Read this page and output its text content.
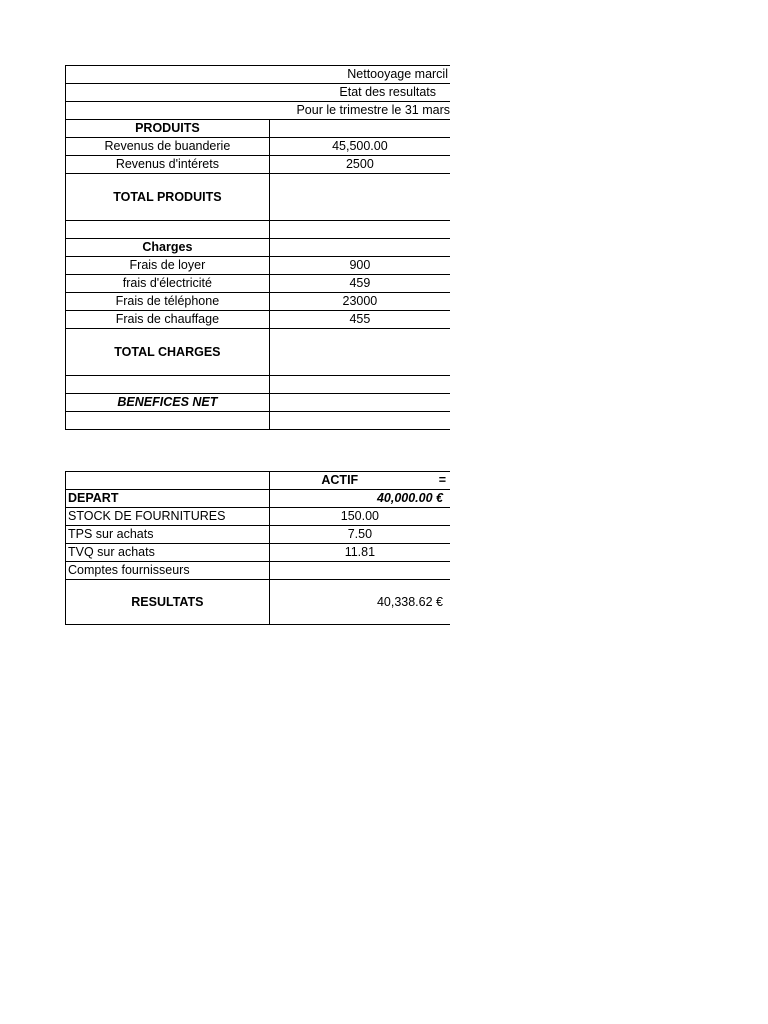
Nettooyage marcil	
Etat des resultats	
Pour le trimestre le 31 mars	
PRODUITS	
Revenus de buanderie	45,500.00
Revenus d'intérets	2500
TOTAL PRODUITS	

Charges	
Frais de loyer	900
frais d'électricité	459
Frais de téléphone	23000
Frais de chauffage	455
TOTAL CHARGES	

BENEFICES NET	

	ACTIF =

DEPART	40,000.00 €
STOCK DE FOURNITURES	150.00
TPS sur achats	7.50
TVQ sur achats	11.81
Comptes fournisseurs	
RESULTATS	40,338.62 €
